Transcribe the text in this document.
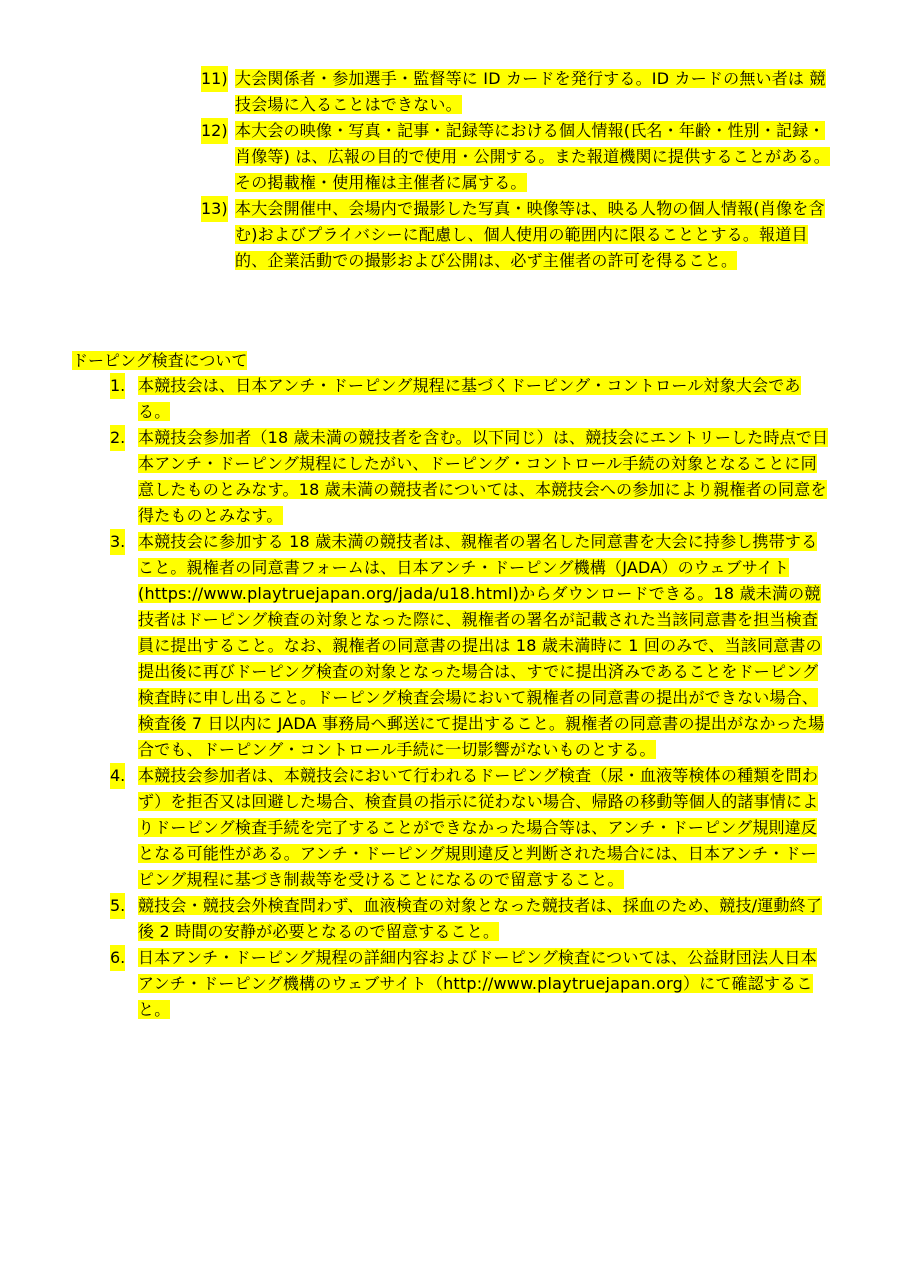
11) 大会関係者・参加選手・監督等に ID カードを発行する。ID カードの無い者は 競技会場に入ることはできない。

12) 本大会の映像・写真・記事・記録等における個人情報(氏名・年齢・性別・記録・肖像等) は、広報の目的で使用・公開する。また報道機関に提供することがある。その掲載権・使用権は主催者に属する。

13) 本大会開催中、会場内で撮影した写真・映像等は、映る人物の個人情報(肖像を含む)およびプライバシーに配慮し、個人使用の範囲内に限ることとする。報道目的、企業活動での撮影および公開は、必ず主催者の許可を得ること。

ドーピング検査について

1. 本競技会は、日本アンチ・ドーピング規程に基づくドーピング・コントロール対象大会である。

2. 本競技会参加者（18 歳未満の競技者を含む。以下同じ）は、競技会にエントリーした時点で日本アンチ・ドーピング規程にしたがい、ドーピング・コントロール手続の対象となることに同意したものとみなす。18 歳未満の競技者については、本競技会への参加により親権者の同意を得たものとみなす。

3. 本競技会に参加する 18 歳未満の競技者は、親権者の署名した同意書を大会に持参し携帯すること。親権者の同意書フォームは、日本アンチ・ドーピング機構（JADA）のウェブサイト(https://www.playtruejapan.org/jada/u18.html)からダウンロードできる。18 歳未満の競技者はドーピング検査の対象となった際に、親権者の署名が記載された当該同意書を担当検査員に提出すること。なお、親権者の同意書の提出は 18 歳未満時に 1 回のみで、当該同意書の提出後に再びドーピング検査の対象となった場合は、すでに提出済みであることをドーピング検査時に申し出ること。ドーピング検査会場において親権者の同意書の提出ができない場合、検査後 7 日以内に JADA 事務局へ郵送にて提出すること。親権者の同意書の提出がなかった場合でも、ドーピング・コントロール手続に一切影響がないものとする。

4. 本競技会参加者は、本競技会において行われるドーピング検査（尿・血液等検体の種類を問わず）を拒否又は回避した場合、検査員の指示に従わない場合、帰路の移動等個人的諸事情によりドーピング検査手続を完了することができなかった場合等は、アンチ・ドーピング規則違反となる可能性がある。アンチ・ドーピング規則違反と判断された場合には、日本アンチ・ドーピング規程に基づき制裁等を受けることになるので留意すること。

5. 競技会・競技会外検査問わず、血液検査の対象となった競技者は、採血のため、競技/運動終了後 2 時間の安静が必要となるので留意すること。

6. 日本アンチ・ドーピング規程の詳細内容およびドーピング検査については、公益財団法人日本アンチ・ドーピング機構のウェブサイト（http://www.playtruejapan.org）にて確認すること。
